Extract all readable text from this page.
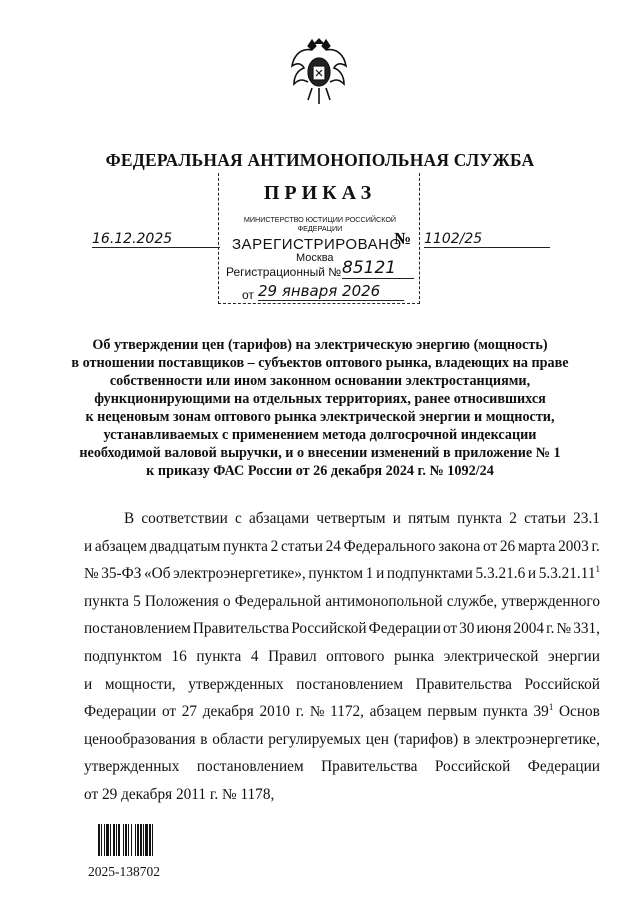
ФЕДЕРАЛЬНАЯ АНТИМОНОПОЛЬНАЯ СЛУЖБА
ПРИКАЗ
МИНИСТЕРСТВО ЮСТИЦИИ РОССИЙСКОЙ ФЕДЕРАЦИИ
ЗАРЕГИСТРИРОВАНО
Москва
Регистрационный № 85121
от 29 января 2026
16.12.2025	№ 1102/25
Об утверждении цен (тарифов) на электрическую энергию (мощность)
в отношении поставщиков – субъектов оптового рынка, владеющих на праве
собственности или ином законном основании электростанциями,
функционирующими на отдельных территориях, ранее относившихся
к неценовым зонам оптового рынка электрической энергии и мощности,
устанавливаемых с применением метода долгосрочной индексации
необходимой валовой выручки, и о внесении изменений в приложение № 1
к приказу ФАС России от 26 декабря 2024 г. № 1092/24
В соответствии с абзацами четвертым и пятым пункта 2 статьи 23.1
и абзацем двадцатым пункта 2 статьи 24 Федерального закона от 26 марта 2003 г.
№ 35-ФЗ «Об электроэнергетике», пунктом 1 и подпунктами 5.3.21.6 и 5.3.21.11$^1$
пункта 5 Положения о Федеральной антимонопольной службе, утвержденного
постановлением Правительства Российской Федерации от 30 июня 2004 г. № 331,
подпунктом 16 пункта 4 Правил оптового рынка электрической энергии
и мощности, утвержденных постановлением Правительства Российской
Федерации от 27 декабря 2010 г. № 1172, абзацем первым пункта $39^1$ Основ
ценообразования в области регулируемых цен (тарифов) в электроэнергетике,
утвержденных постановлением Правительства Российской Федерации
от
29
декабря
2011
г.
№
1178,
2025-138702
